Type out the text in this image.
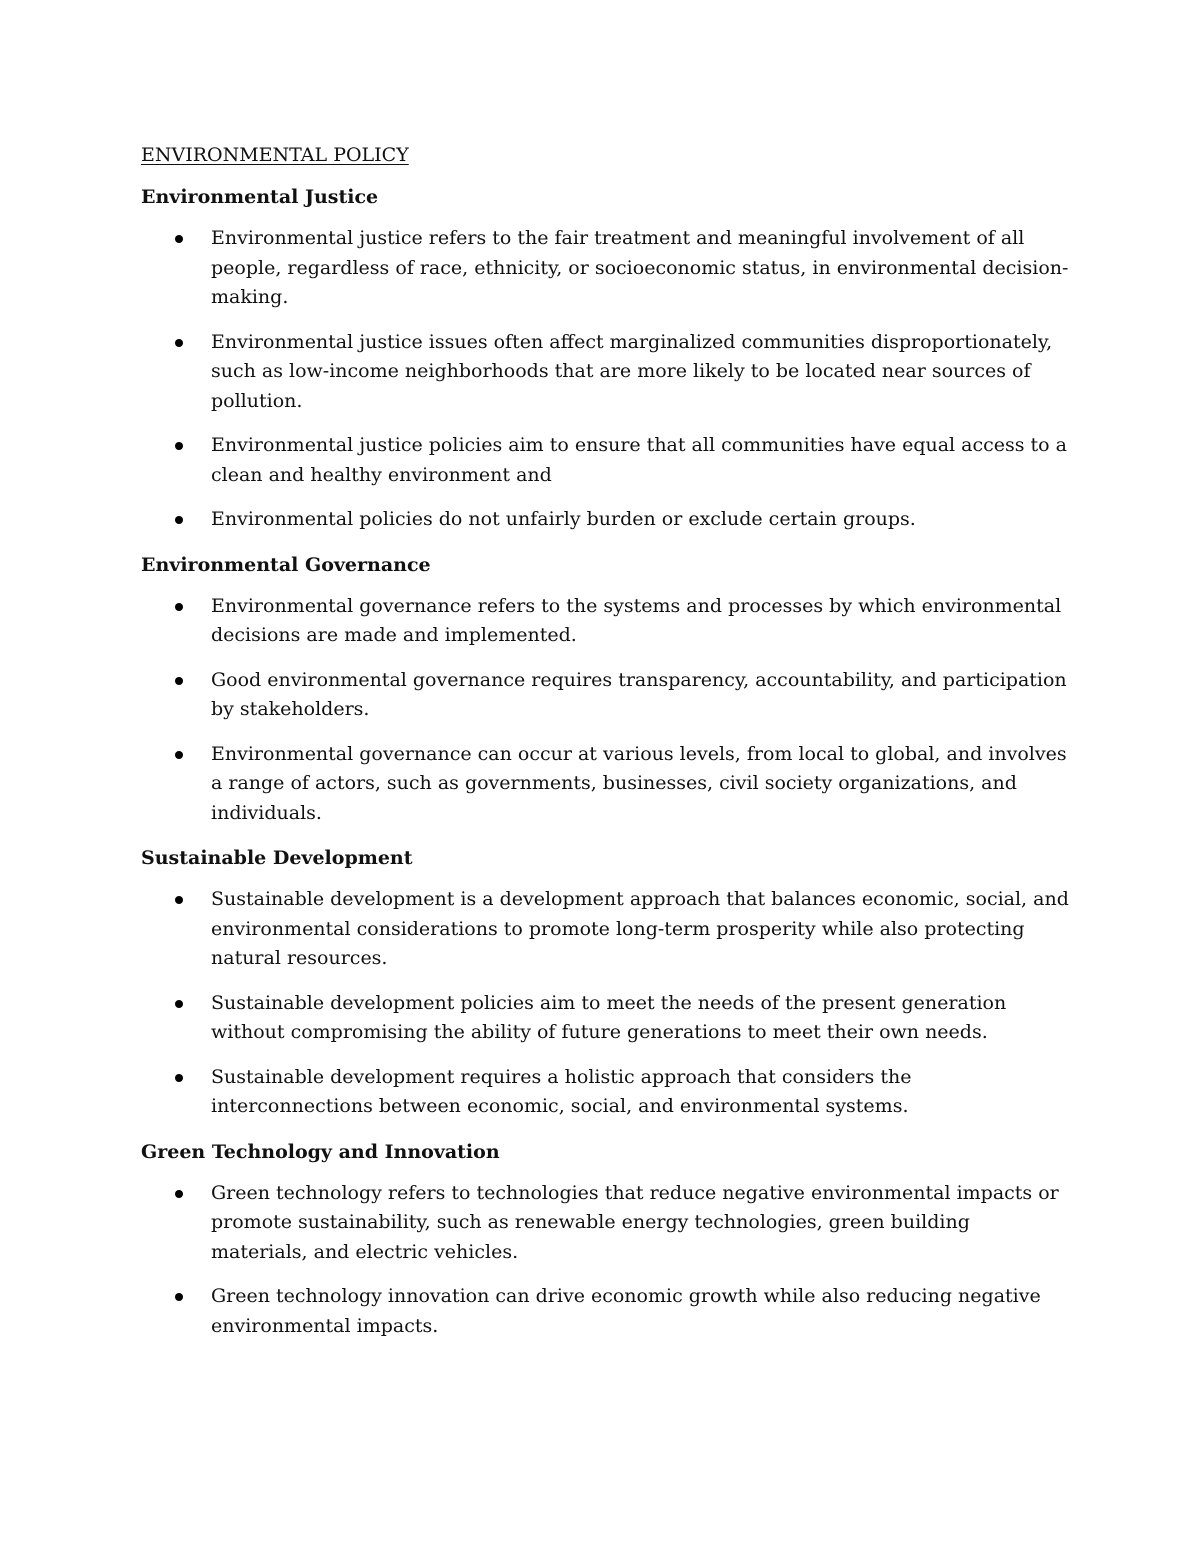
ENVIRONMENTAL POLICY
Environmental Justice
Environmental justice refers to the fair treatment and meaningful involvement of all people, regardless of race, ethnicity, or socioeconomic status, in environmental decision-making.
Environmental justice issues often affect marginalized communities disproportionately, such as low-income neighborhoods that are more likely to be located near sources of pollution.
Environmental justice policies aim to ensure that all communities have equal access to a clean and healthy environment and
Environmental policies do not unfairly burden or exclude certain groups.
Environmental Governance
Environmental governance refers to the systems and processes by which environmental decisions are made and implemented.
Good environmental governance requires transparency, accountability, and participation by stakeholders.
Environmental governance can occur at various levels, from local to global, and involves a range of actors, such as governments, businesses, civil society organizations, and individuals.
Sustainable Development
Sustainable development is a development approach that balances economic, social, and environmental considerations to promote long-term prosperity while also protecting natural resources.
Sustainable development policies aim to meet the needs of the present generation without compromising the ability of future generations to meet their own needs.
Sustainable development requires a holistic approach that considers the interconnections between economic, social, and environmental systems.
Green Technology and Innovation
Green technology refers to technologies that reduce negative environmental impacts or promote sustainability, such as renewable energy technologies, green building materials, and electric vehicles.
Green technology innovation can drive economic growth while also reducing negative environmental impacts.
